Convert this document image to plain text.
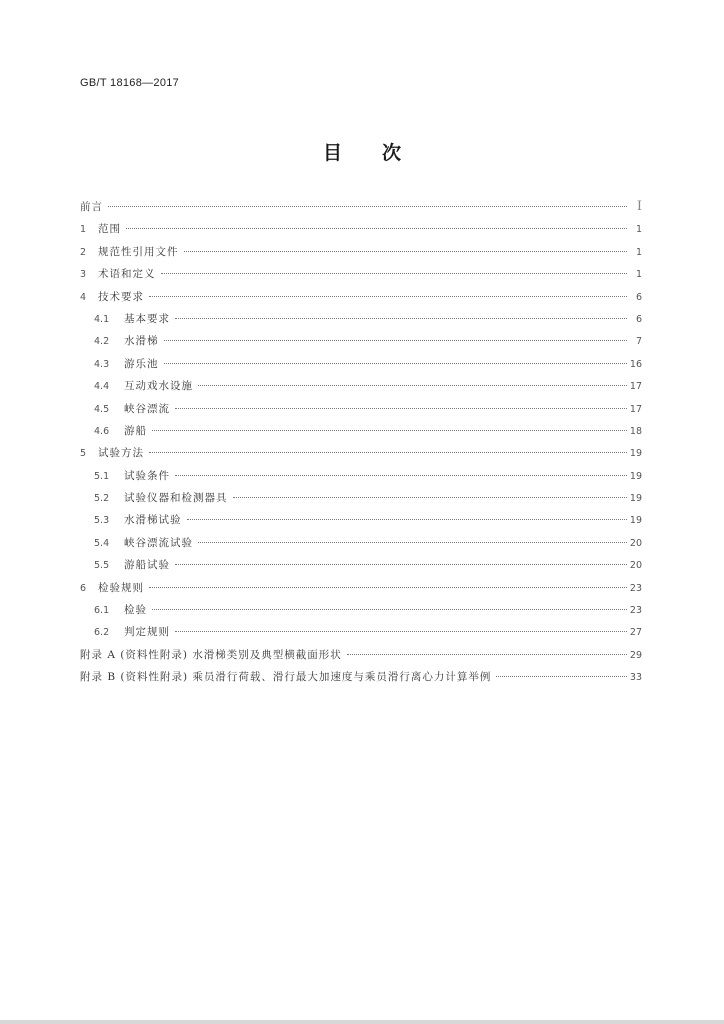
GB/T 18168—2017
目次
前言	Ⅰ
1	范围	1
2	规范性引用文件	1
3	术语和定义	1
4	技术要求	6
4.1	基本要求	6
4.2	水滑梯	7
4.3	游乐池	16
4.4	互动戏水设施	17
4.5	峡谷漂流	17
4.6	游船	18
5	试验方法	19
5.1	试验条件	19
5.2	试验仪器和检测器具	19
5.3	水滑梯试验	19
5.4	峡谷漂流试验	20
5.5	游船试验	20
6	检验规则	23
6.1	检验	23
6.2	判定规则	27
附录 A (资料性附录) 水滑梯类别及典型横截面形状	29
附录 B (资料性附录) 乘员滑行荷载、滑行最大加速度与乘员滑行离心力计算举例	33
